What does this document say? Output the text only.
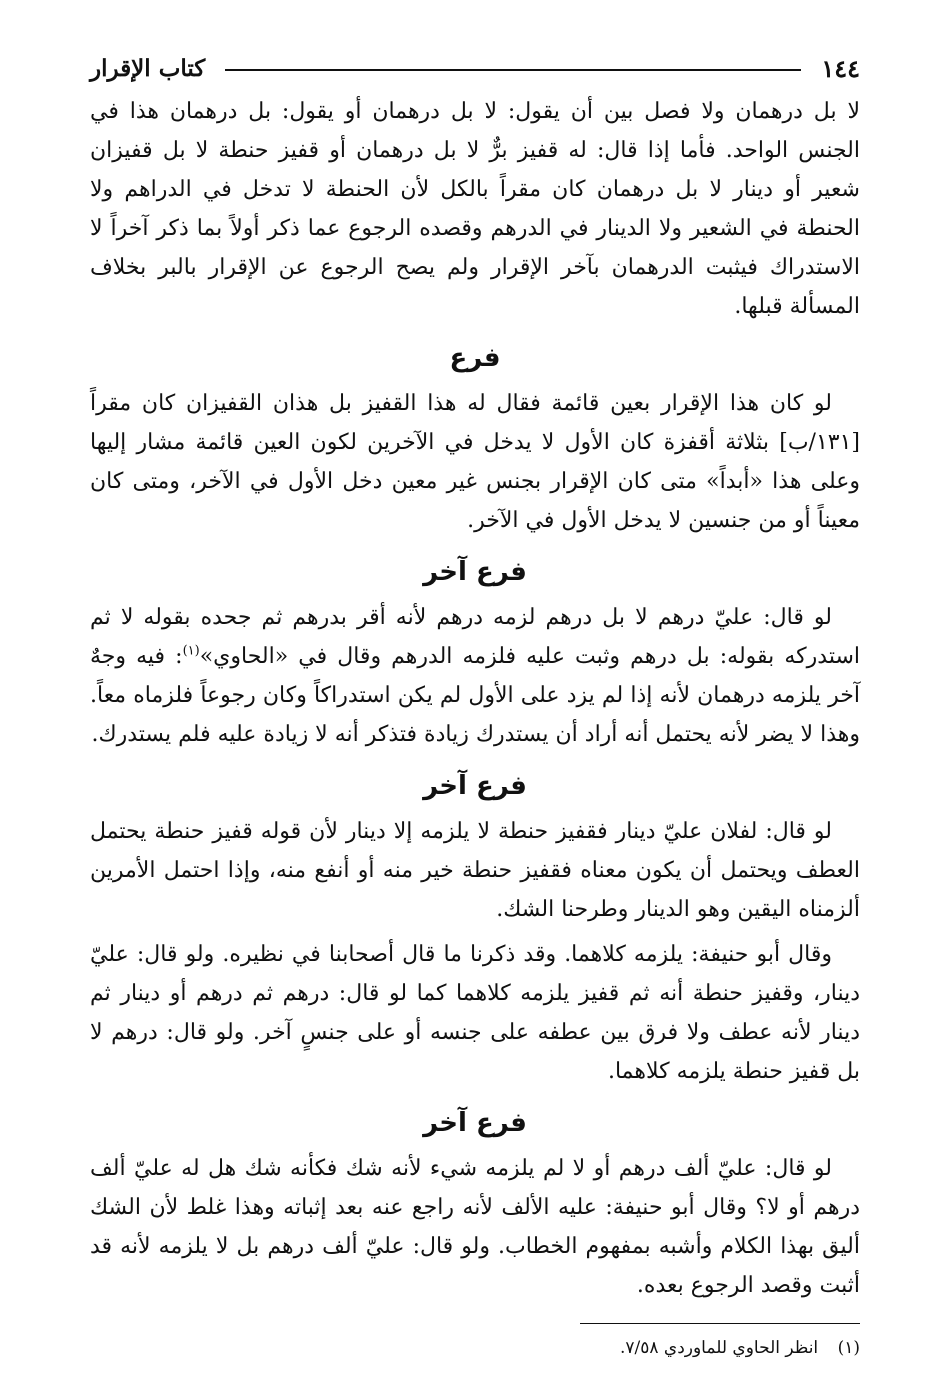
١٤٤
كتاب الإقرار

لا بل درهمان ولا فصل بين أن يقول: لا بل درهمان أو يقول: بل درهمان هذا في الجنس الواحد. فأما إذا قال: له قفيز برٌّ لا بل درهمان أو قفيز حنطة لا بل قفيزان شعير أو دينار لا بل درهمان كان مقراً بالكل لأن الحنطة لا تدخل في الدراهم ولا الحنطة في الشعير ولا الدينار في الدرهم وقصده الرجوع عما ذكر أولاً بما ذكر آخراً لا الاستدراك فيثبت الدرهمان بآخر الإقرار ولم يصح الرجوع عن الإقرار بالبر بخلاف المسألة قبلها.

فرع

لو كان هذا الإقرار بعين قائمة فقال له هذا القفيز بل هذان القفيزان كان مقراً [١٣١/ب] بثلاثة أقفزة كان الأول لا يدخل في الآخرين لكون العين قائمة مشار إليها وعلى هذا «أبداً» متى كان الإقرار بجنس غير معين دخل الأول في الآخر، ومتى كان معيناً أو من جنسين لا يدخل الأول في الآخر.

فرع آخر

لو قال: عليّ درهم لا بل درهم لزمه درهم لأنه أقر بدرهم ثم جحده بقوله لا ثم استدركه بقوله: بل درهم وثبت عليه فلزمه الدرهم وقال في «الحاوي»$^{(١)}$: فيه وجهٌ آخر يلزمه درهمان لأنه إذا لم يزد على الأول لم يكن استدراكاً وكان رجوعاً فلزماه معاً. وهذا لا يضر لأنه يحتمل أنه أراد أن يستدرك زيادة فتذكر أنه لا زيادة عليه فلم يستدرك.

فرع آخر

لو قال: لفلان عليّ دينار فقفيز حنطة لا يلزمه إلا دينار لأن قوله قفيز حنطة يحتمل العطف ويحتمل أن يكون معناه فقفيز حنطة خير منه أو أنفع منه، وإذا احتمل الأمرين ألزمناه اليقين وهو الدينار وطرحنا الشك.

وقال أبو حنيفة: يلزمه كلاهما. وقد ذكرنا ما قال أصحابنا في نظيره. ولو قال: عليّ دينار، وقفيز حنطة أنه ثم قفيز يلزمه كلاهما كما لو قال: درهم ثم درهم أو دينار ثم دينار لأنه عطف ولا فرق بين عطفه على جنسه أو على جنسٍ آخر. ولو قال: درهم لا بل قفيز حنطة يلزمه كلاهما.

فرع آخر

لو قال: عليّ ألف درهم أو لا لم يلزمه شيء لأنه شك فكأنه شك هل له عليّ ألف درهم أو لا؟ وقال أبو حنيفة: عليه الألف لأنه راجع عنه بعد إثباته وهذا غلط لأن الشك أليق بهذا الكلام وأشبه بمفهوم الخطاب. ولو قال: عليّ ألف درهم بل لا يلزمه لأنه قد أثبت وقصد الرجوع بعده.

(١) انظر الحاوي للماوردي ٧/٥٨.
